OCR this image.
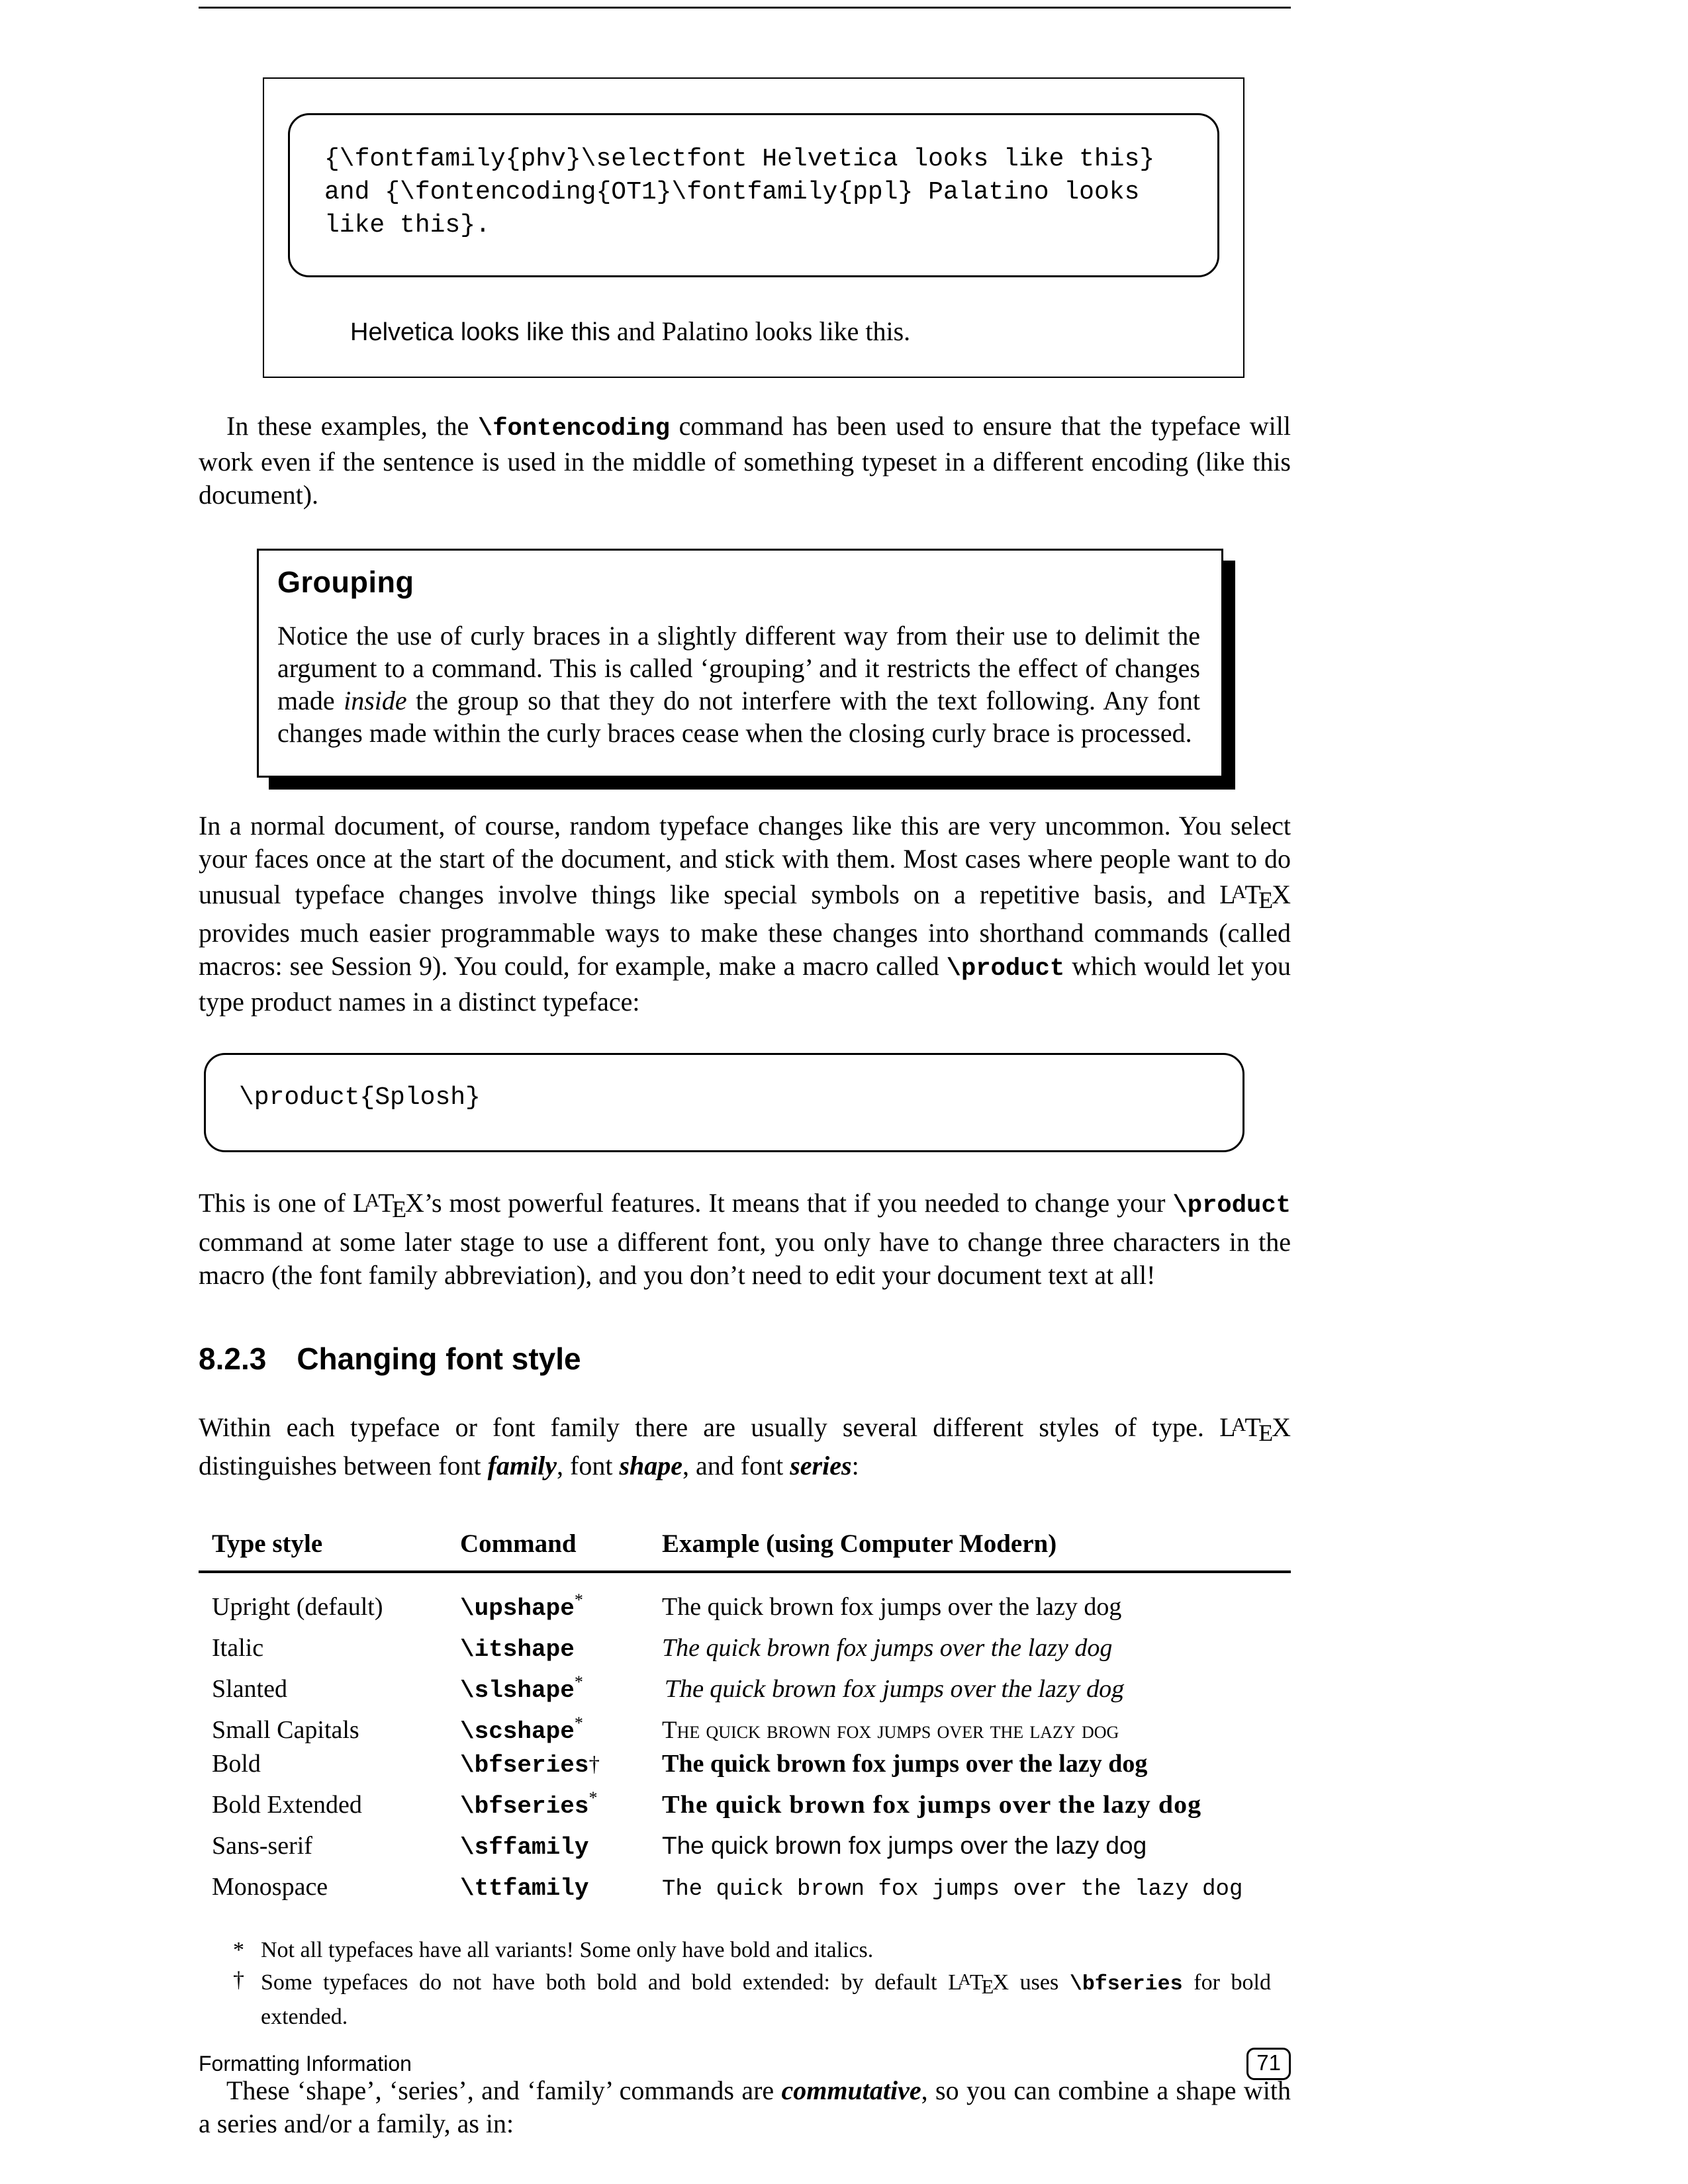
{\fontfamily{phv}\selectfont Helvetica looks like this}
and {\fontencoding{OT1}\fontfamily{ppl} Palatino looks
like this}.

Helvetica looks like this and Palatino looks like this.

In these examples, the \fontencoding command has been used to ensure that the typeface will work even if the sentence is used in the middle of something typeset in a different encoding (like this document).

Grouping

Notice the use of curly braces in a slightly different way from their use to delimit the argument to a command. This is called ‘grouping’ and it restricts the effect of changes made inside the group so that they do not interfere with the text following. Any font changes made within the curly braces cease when the closing curly brace is processed.

In a normal document, of course, random typeface changes like this are very uncommon. You select your faces once at the start of the document, and stick with them. Most cases where people want to do unusual typeface changes involve things like special symbols on a repetitive basis, and $L^ATEX$ provides much easier programmable ways to make these changes into shorthand commands (called macros: see Session 9). You could, for example, make a macro called \product which would let you type product names in a distinct typeface:

\product{Splosh}

This is one of $L^ATEX’s$ most powerful features. It means that if you needed to change your \product command at some later stage to use a different font, you only have to change three characters in the macro (the font family abbreviation), and you don’t need to edit your document text at all!

8.2.3 Changing font style

Within each typeface or font family there are usually several different styles of type. $L^ATEX$ distinguishes between font family, font shape, and font series:

Type style	Command	Example (using Computer Modern)
Upright (default)	\upshape*	The quick brown fox jumps over the lazy dog
Italic	\itshape	The quick brown fox jumps over the lazy dog
Slanted	\slshape*	The quick brown fox jumps over the lazy dog
Small Capitals	\scshape*	The quick brown fox jumps over the lazy dog
Bold	\bfseries†	The quick brown fox jumps over the lazy dog
Bold Extended	\bfseries*	The quick brown fox jumps over the lazy dog
Sans-serif	\sffamily	The quick brown fox jumps over the lazy dog
Monospace	\ttfamily	The quick brown fox jumps over the lazy dog
* Not all typefaces have all variants! Some only have bold and italics.
† Some typefaces do not have both bold and bold extended: by default $L^ATEX$ uses \bfseries for bold extended.

These ‘shape’, ‘series’, and ‘family’ commands are commutative, so you can combine a shape with a series and/or a family, as in:

Formatting Information	71
